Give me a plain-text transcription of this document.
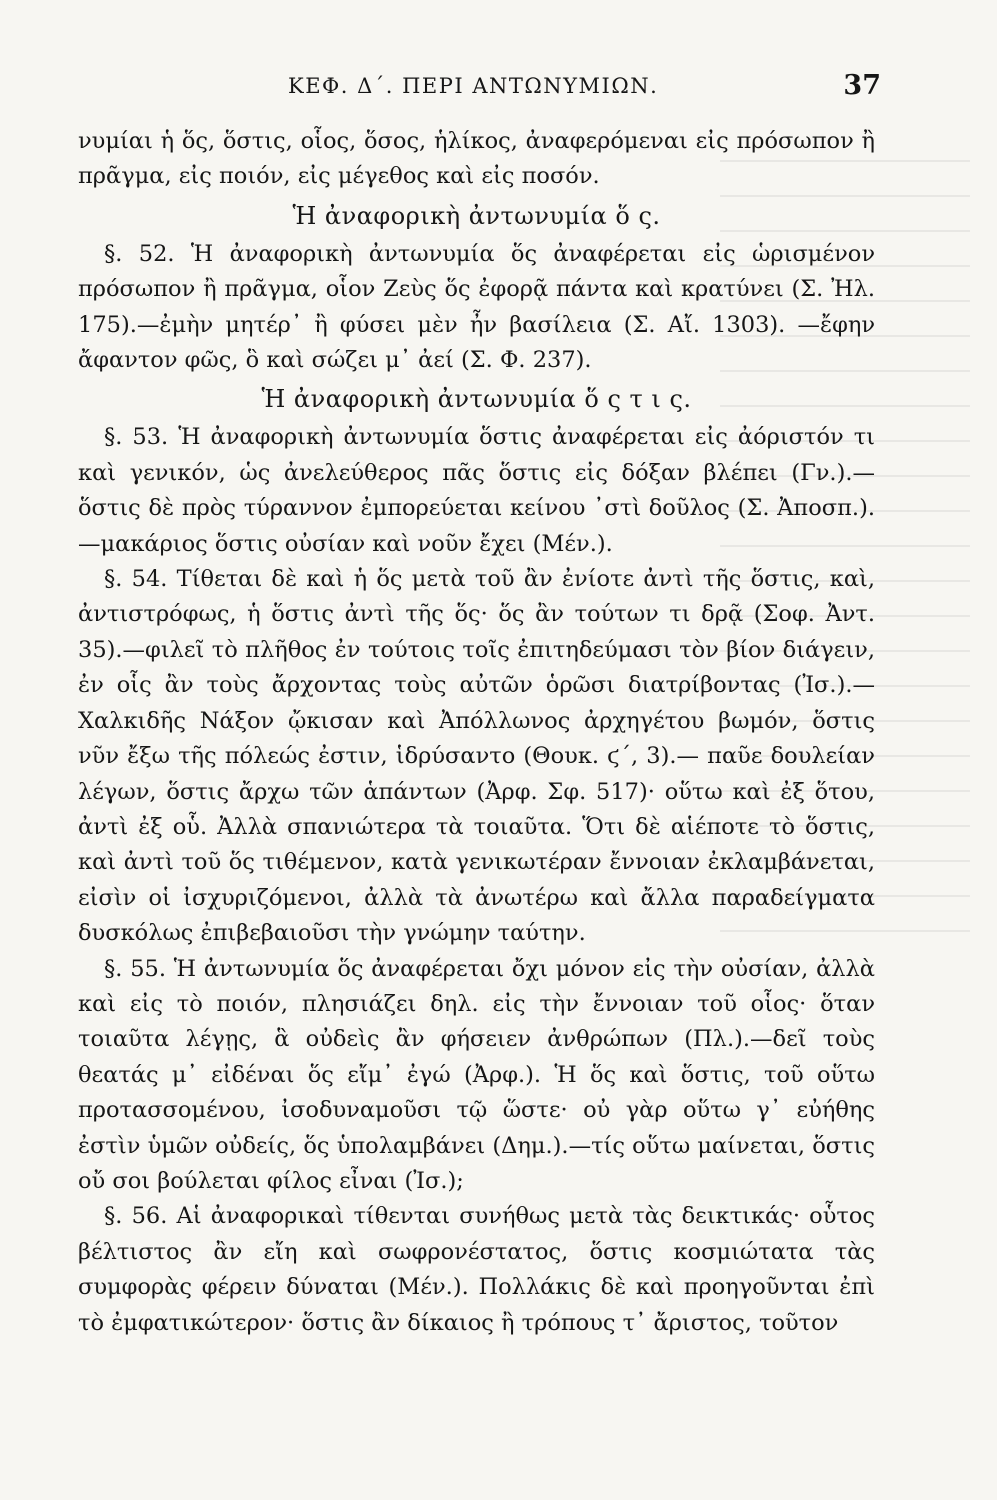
ΚΕΦ. Δ΄. ΠΕΡΙ ΑΝΤΩΝΥΜΙΩΝ.	37

νυμίαι ἡ ὅς, ὅστις, οἷος, ὅσος, ἡλίκος, ἀναφερόμεναι εἰς πρόσωπον ἢ πρᾶγμα, εἰς ποιόν, εἰς μέγεθος καὶ εἰς ποσόν.

Ἡ ἀναφορικὴ ἀντωνυμία ὅ ς.

§. 52. Ἡ ἀναφορικὴ ἀντωνυμία ὅς ἀναφέρεται εἰς ὡρισμένον πρόσωπον ἢ πρᾶγμα, οἷον Ζεὺς ὅς ἐφορᾷ πάντα καὶ κρατύνει (Σ. Ἠλ. 175).—ἐμὴν μητέρ᾽ ἢ φύσει μὲν ἦν βασίλεια (Σ. Αἴ. 1303). —ἔφην ἄφαντον φῶς, ὃ καὶ σώζει μ᾽ ἀεί (Σ. Φ. 237).

Ἡ ἀναφορικὴ ἀντωνυμία ὅ ς τ ι ς.

§. 53. Ἡ ἀναφορικὴ ἀντωνυμία ὅστις ἀναφέρεται εἰς ἀόριστόν τι καὶ γενικόν, ὡς ἀνελεύθερος πᾶς ὅστις εἰς δόξαν βλέπει (Γν.).— ὅστις δὲ πρὸς τύραννον ἐμπορεύεται κείνου ᾽στὶ δοῦλος (Σ. Ἀποσπ.).—μακάριος ὅστις οὐσίαν καὶ νοῦν ἔχει (Μέν.).

§. 54. Τίθεται δὲ καὶ ἡ ὅς μετὰ τοῦ ἂν ἐνίοτε ἀντὶ τῆς ὅστις, καὶ, ἀντιστρόφως, ἡ ὅστις ἀντὶ τῆς ὅς· ὅς ἂν τούτων τι δρᾷ (Σοφ. Ἀντ. 35).—φιλεῖ τὸ πλῆθος ἐν τούτοις τοῖς ἐπιτηδεύμασι τὸν βίον διάγειν, ἐν οἷς ἂν τοὺς ἄρχοντας τοὺς αὐτῶν ὁρῶσι διατρίβοντας (Ἰσ.).—Χαλκιδῆς Νάξον ᾤκισαν καὶ Ἀπόλλωνος ἀρχηγέτου βωμόν, ὅστις νῦν ἔξω τῆς πόλεώς ἐστιν, ἱδρύσαντο (Θουκ. ϛ΄, 3).— παῦε δουλείαν λέγων, ὅστις ἄρχω τῶν ἁπάντων (Ἀρφ. Σφ. 517)· οὕτω καὶ ἐξ ὅτου, ἀντὶ ἐξ οὗ. Ἀλλὰ σπανιώτερα τὰ τοιαῦτα. Ὅτι δὲ αἱέποτε τὸ ὅστις, καὶ ἀντὶ τοῦ ὅς τιθέμενον, κατὰ γενικωτέραν ἔννοιαν ἐκλαμβάνεται, εἰσὶν οἱ ἰσχυριζόμενοι, ἀλλὰ τὰ ἀνωτέρω καὶ ἄλλα παραδείγματα δυσκόλως ἐπιβεβαιοῦσι τὴν γνώμην ταύτην.

§. 55. Ἡ ἀντωνυμία ὅς ἀναφέρεται ὄχι μόνον εἰς τὴν οὐσίαν, ἀλλὰ καὶ εἰς τὸ ποιόν, πλησιάζει δηλ. εἰς τὴν ἔννοιαν τοῦ οἷος· ὅταν τοιαῦτα λέγῃς, ἃ οὐδεὶς ἂν φήσειεν ἀνθρώπων (Πλ.).—δεῖ τοὺς θεατάς μ᾽ εἰδέναι ὅς εἴμ᾽ ἐγώ (Ἀρφ.). Ἡ ὅς καὶ ὅστις, τοῦ οὕτω προτασσομένου, ἰσοδυναμοῦσι τῷ ὥστε· οὐ γὰρ οὕτω γ᾽ εὐήθης ἐστὶν ὑμῶν οὐδείς, ὅς ὑπολαμβάνει (Δημ.).—τίς οὕτω μαίνεται, ὅστις οὔ σοι βούλεται φίλος εἶναι (Ἰσ.);

§. 56. Αἱ ἀναφορικαὶ τίθενται συνήθως μετὰ τὰς δεικτικάς· οὗτος βέλτιστος ἂν εἴη καὶ σωφρονέστατος, ὅστις κοσμιώτατα τὰς συμφορὰς φέρειν δύναται (Μέν.). Πολλάκις δὲ καὶ προηγοῦνται ἐπὶ τὸ ἐμφατικώτερον· ὅστις ἂν δίκαιος ἢ τρόπους τ᾽ ἄριστος, τοῦτον
